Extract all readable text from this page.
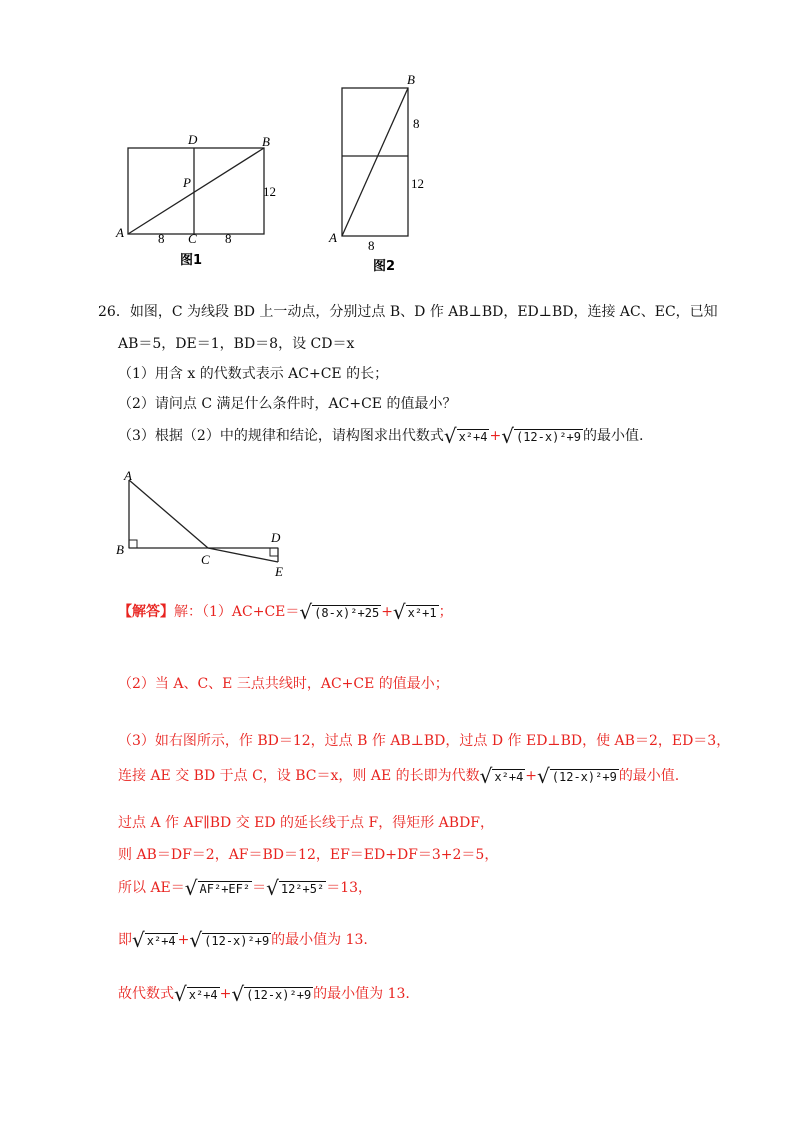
A
B
D
C
P
8	8
12
图1
A
B
8
12
8
图2
26．如图，C 为线段 BD 上一动点，分别过点 B、D 作 AB⊥BD，ED⊥BD，连接 AC、EC，已知
AB＝5，DE＝1，BD＝8，设 CD＝x
（1）用含 x 的代数式表示 AC+CE 的长；
（2）请问点 C 满足什么条件时，AC+CE 的值最小？
（3）根据（2）中的规律和结论，请构图求出代数式√ x²+4 +√ (12-x)²+9 的最小值.
A
B
C
D
E
【解答】解：（1）AC+CE＝√ (8-x)²+25 +√ x²+1 ；
（2）当 A、C、E 三点共线时，AC+CE 的值最小；
（3）如右图所示，作 BD＝12，过点 B 作 AB⊥BD，过点 D 作 ED⊥BD，使 AB＝2，ED＝3，
连接 AE 交 BD 于点 C，设 BC＝x，则 AE 的长即为代数√ x²+4 +√ (12-x)²+9 的最小值.
过点 A 作 AF∥BD 交 ED 的延长线于点 F，得矩形 ABDF，
则 AB＝DF＝2，AF＝BD＝12，EF＝ED+DF＝3+2＝5，
所以 AE＝√ AF²+EF² ＝√ 12²+5² ＝13，
即√ x²+4 +√ (12-x)²+9 的最小值为 13.
故代数式√ x²+4 +√ (12-x)²+9 的最小值为 13.
